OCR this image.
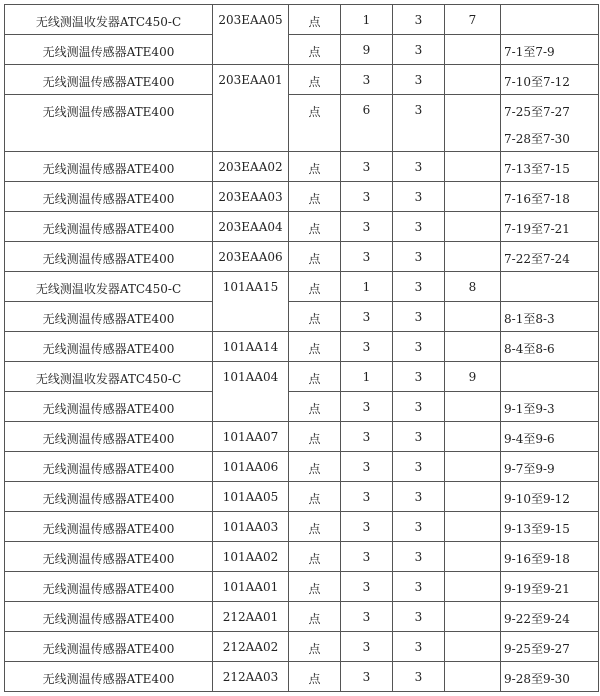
无线测温收发器ATC450-C	203EAA05	点	1	3	7	

无线测温传感器ATE400		点	9	3		7-1至7-9

无线测温传感器ATE400	203EAA01	点	3	3		7-10至7-12

无线测温传感器ATE400		点	6	3		7-25至7-27
7-28至7-30

无线测温传感器ATE400	203EAA02	点	3	3		7-13至7-15

无线测温传感器ATE400	203EAA03	点	3	3		7-16至7-18

无线测温传感器ATE400	203EAA04	点	3	3		7-19至7-21

无线测温传感器ATE400	203EAA06	点	3	3		7-22至7-24

无线测温收发器ATC450-C	101AA15	点	1	3	8	

无线测温传感器ATE400		点	3	3		8-1至8-3

无线测温传感器ATE400	101AA14	点	3	3		8-4至8-6

无线测温收发器ATC450-C	101AA04	点	1	3	9	

无线测温传感器ATE400		点	3	3		9-1至9-3

无线测温传感器ATE400	101AA07	点	3	3		9-4至9-6

无线测温传感器ATE400	101AA06	点	3	3		9-7至9-9

无线测温传感器ATE400	101AA05	点	3	3		9-10至9-12

无线测温传感器ATE400	101AA03	点	3	3		9-13至9-15

无线测温传感器ATE400	101AA02	点	3	3		9-16至9-18

无线测温传感器ATE400	101AA01	点	3	3		9-19至9-21

无线测温传感器ATE400	212AA01	点	3	3		9-22至9-24

无线测温传感器ATE400	212AA02	点	3	3		9-25至9-27

无线测温传感器ATE400	212AA03	点	3	3		9-28至9-30
